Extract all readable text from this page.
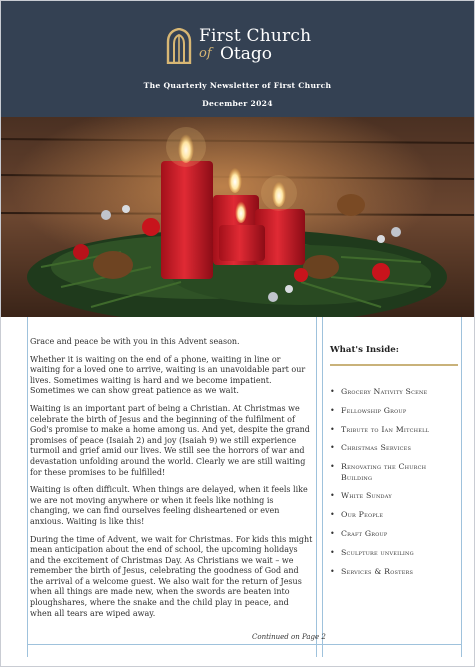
First Church
of Otago
The Quarterly Newsletter of First Church
December 2024

Grace and peace be with you in this Advent season.

Whether it is waiting on the end of a phone, waiting in line or waiting for a loved one to arrive, waiting is an unavoidable part our lives. Sometimes waiting is hard and we become impatient. Sometimes we can show great patience as we wait.

Waiting is an important part of being a Christian. At Christmas we celebrate the birth of Jesus and the beginning of the fulfilment of God's promise to make a home among us. And yet, despite the grand promises of peace (Isaiah 2) and joy (Isaiah 9) we still experience turmoil and grief amid our lives. We still see the horrors of war and devastation unfolding around the world. Clearly we are still waiting for these promises to be fulfilled!

Waiting is often difficult. When things are delayed, when it feels like we are not moving anywhere or when it feels like nothing is changing, we can find ourselves feeling disheartened or even anxious. Waiting is like this!

During the time of Advent, we wait for Christmas. For kids this might mean anticipation about the end of school, the upcoming holidays and the excitement of Christmas Day. As Christians we wait – we remember the birth of Jesus, celebrating the goodness of God and the arrival of a welcome guest. We also wait for the return of Jesus when all things are made new, when the swords are beaten into ploughshares, where the snake and the child play in peace, and when all tears are wiped away.

Continued on Page 2
What's Inside:
• Grocery Nativity Scene
• Fellowship Group
• Tribute to Ian Mitchell
• Christmas Services
• Renovating the Church Building
• White Sunday
• Our People
• Craft Group
• Sculpture unveiling
• Services & Rosters
